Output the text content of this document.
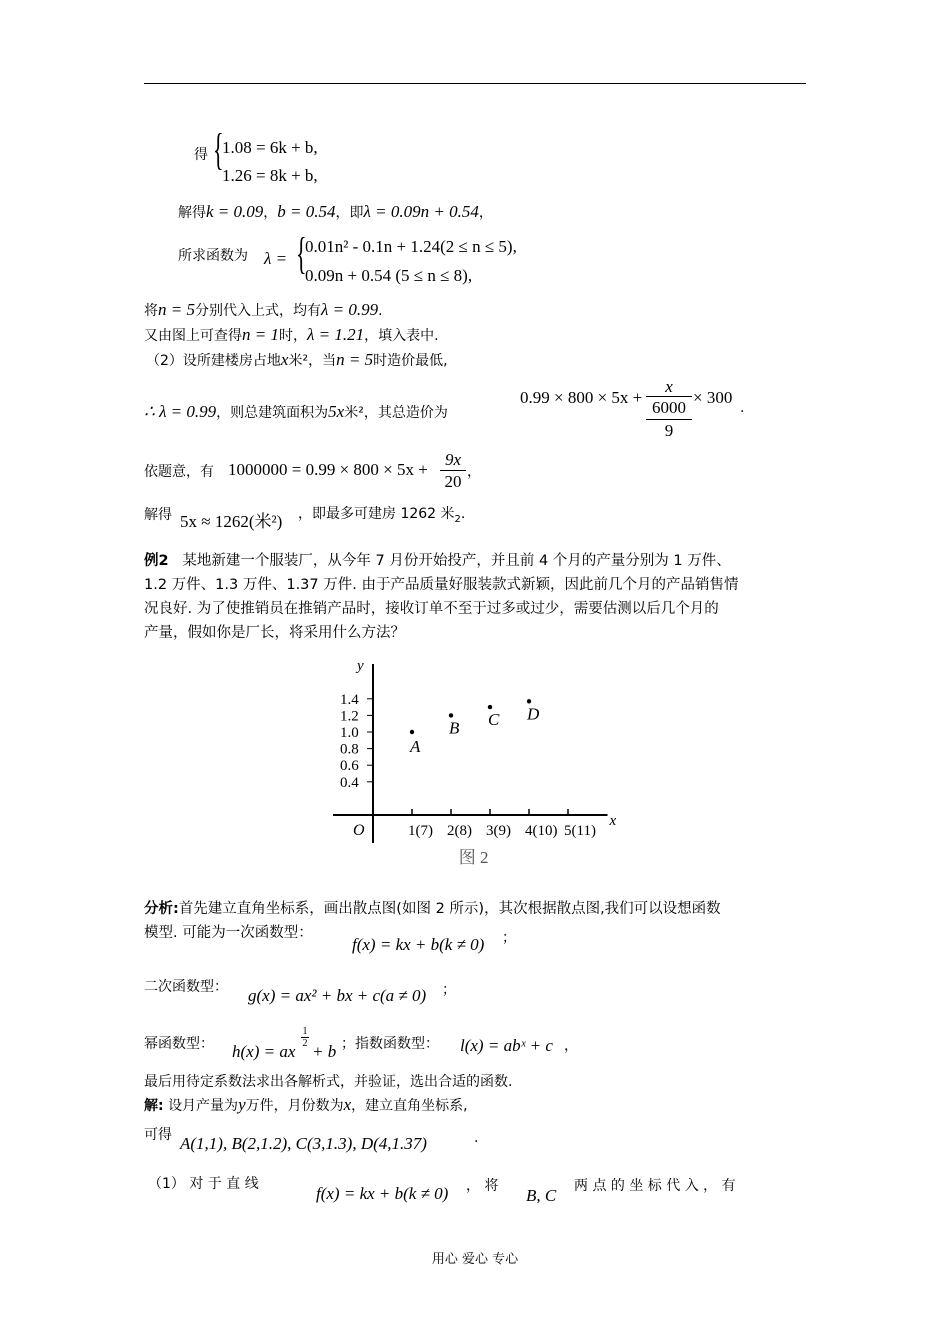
得 {
1.08 = 6k + b,
1.26 = 8k + b,
解得k = 0.09，b = 0.54，即λ = 0.09n + 0.54，
所求函数为 λ = {
0.01n² - 0.1n + 1.24(2 ≤ n ≤ 5),
0.09n + 0.54 (5 ≤ n ≤ 8),
将n = 5分别代入上式，均有λ = 0.99.
又由图上可查得n = 1时，λ = 1.21，填入表中.
（2）设所建楼房占地x米²，当n = 5时造价最低,
∴ λ = 0.99，则总建筑面积为5x米²，其总造价为
0.99 × 800 × 5x +
x
6000
9
× 300
.
依题意，有 1000000 = 0.99 × 800 × 5x +
9x
20 ，
解得 5x ≈ 1262(米²) ，即最多可建房 1262 米$_2$.
例2 某地新建一个服装厂，从今年 7 月份开始投产，并且前 4 个月的产量分别为 1 万件、
1.2 万件、1.3 万件、1.37 万件. 由于产品质量好服装款式新颖，因此前几个月的产品销售情
况良好. 为了使推销员在推销产品时，接收订单不至于过多或过少，需要估测以后几个月的
产量，假如你是厂长，将采用什么方法？
y
x
O
0.4
0.6
0.8
1.0
1.2
1.4
1(7) 2(8) 3(9) 4(10) 5(11)
A
B C D
图 2
分析:首先建立直角坐标系，画出散点图(如图 2 所示)，其次根据散点图,我们可以设想函数
模型. 可能为一次函数型：
f(x) = kx + b(k ≠ 0) ；
二次函数型： g(x) = ax² + bx + c(a ≠ 0) ；
幂函数型： h(x) = ax
1
2 + b ；指数函数型： l(x) = abˣ + c ，
最后用待定系数法求出各解析式，并验证，选出合适的函数.
解: 设月产量为y万件，月份数为x，建立直角坐标系,
可得 A(1,1), B(2,1.2), C(3,1.3), D(4,1.37)	.
（1） 对 于 直 线	f(x) = kx + b(k ≠ 0) ， 将 B, C 两 点 的 坐 标 代 入 ， 有
用心 爱心 专心
